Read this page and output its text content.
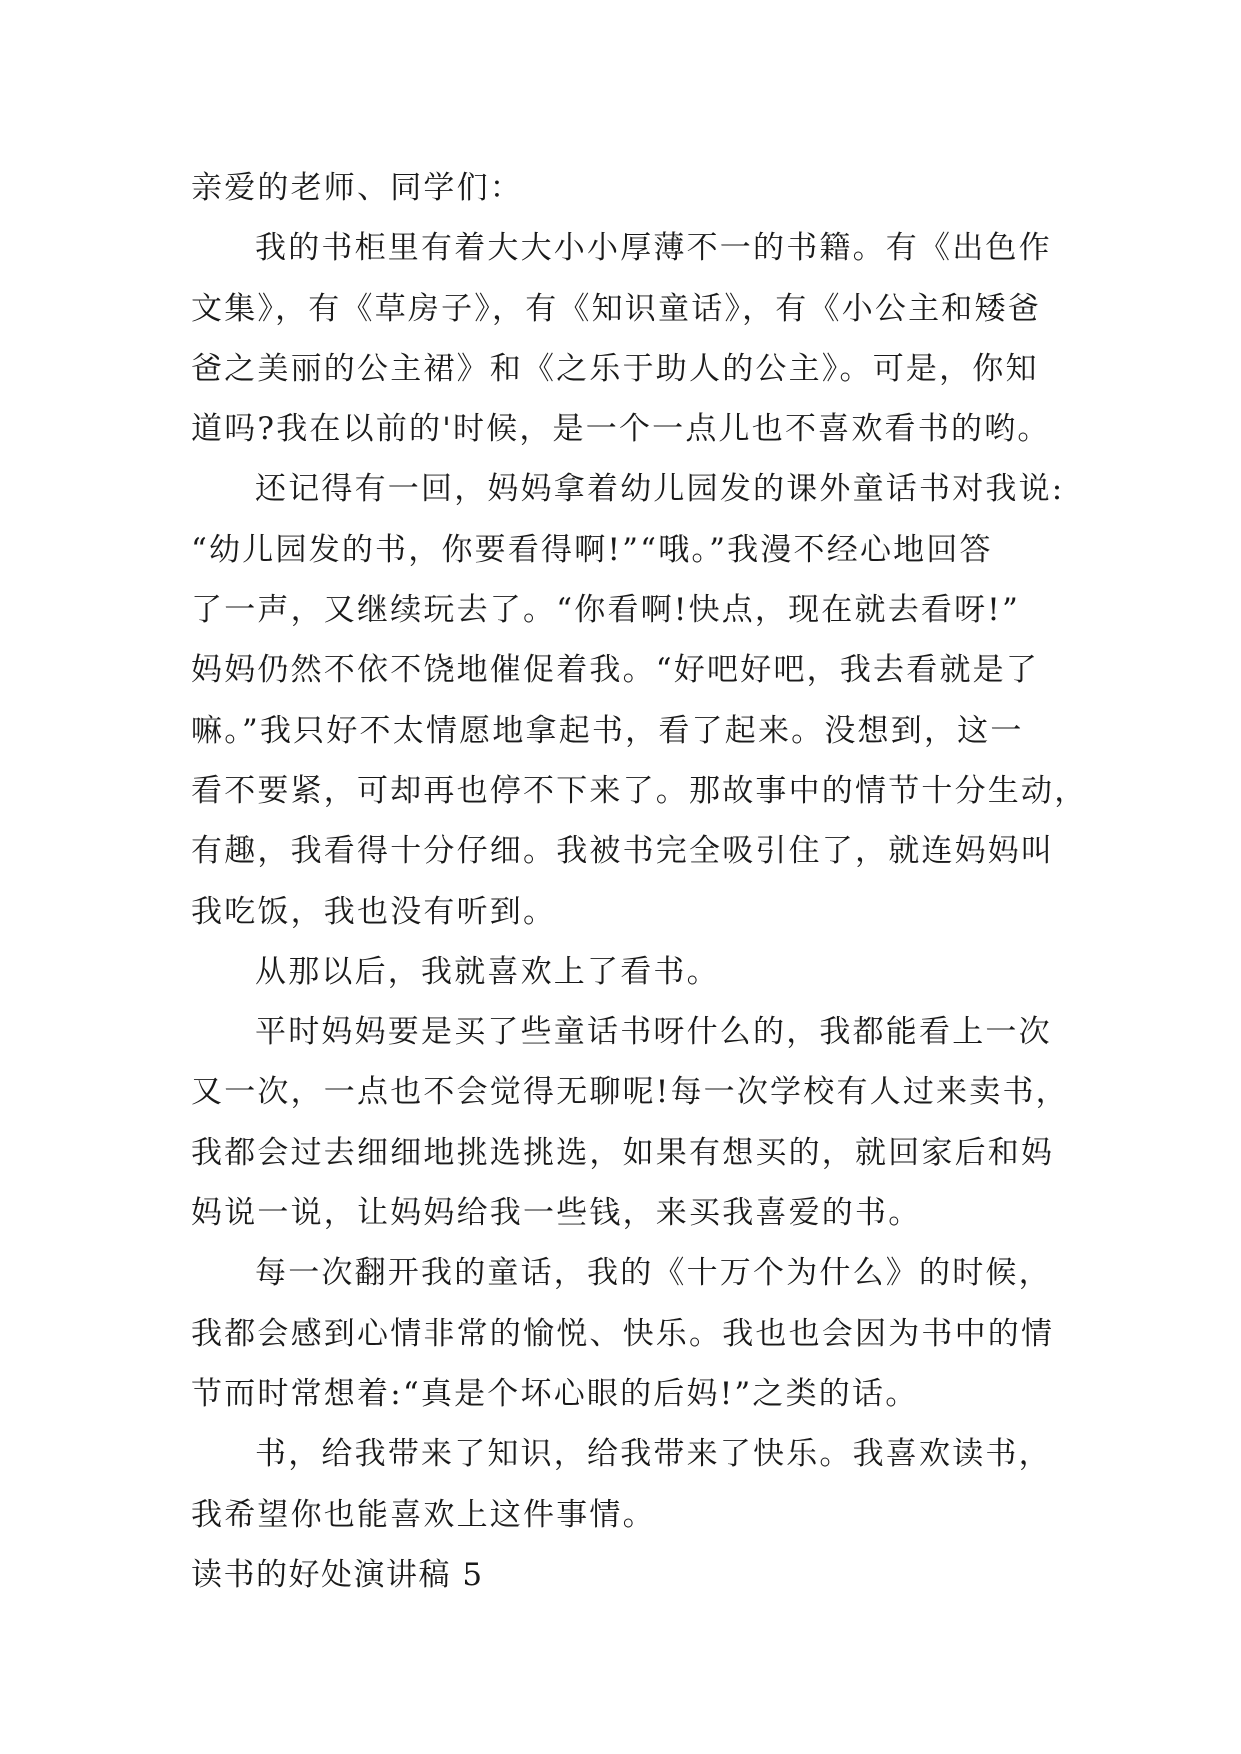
亲爱的老师、同学们：
我的书柜里有着大大小小厚薄不一的书籍。有《出色作
文集》，有《草房子》，有《知识童话》，有《小公主和矮爸
爸之美丽的公主裙》和《之乐于助人的公主》。可是，你知
道吗?我在以前的'时候，是一个一点儿也不喜欢看书的哟。
还记得有一回，妈妈拿着幼儿园发的课外童话书对我说:
“幼儿园发的书，你要看得啊!”“哦。”我漫不经心地回答
了一声，又继续玩去了。“你看啊!快点，现在就去看呀!”
妈妈仍然不依不饶地催促着我。“好吧好吧，我去看就是了
嘛。”我只好不太情愿地拿起书，看了起来。没想到，这一
看不要紧，可却再也停不下来了。那故事中的情节十分生动，
有趣，我看得十分仔细。我被书完全吸引住了，就连妈妈叫
我吃饭，我也没有听到。
从那以后，我就喜欢上了看书。
平时妈妈要是买了些童话书呀什么的，我都能看上一次
又一次，一点也不会觉得无聊呢!每一次学校有人过来卖书，
我都会过去细细地挑选挑选，如果有想买的，就回家后和妈
妈说一说，让妈妈给我一些钱，来买我喜爱的书。
每一次翻开我的童话，我的《十万个为什么》的时候，
我都会感到心情非常的愉悦、快乐。我也也会因为书中的情
节而时常想着:“真是个坏心眼的后妈!”之类的话。
书，给我带来了知识，给我带来了快乐。我喜欢读书，
我希望你也能喜欢上这件事情。
读书的好处演讲稿 5
